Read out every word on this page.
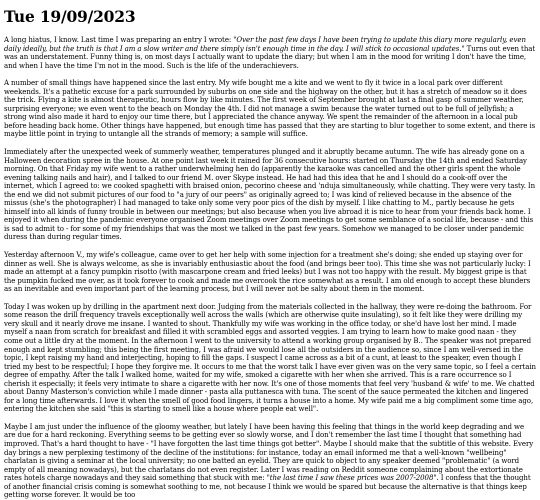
Tue 19/09/2023

A long hiatus, I know. Last time I was preparing an entry I wrote: "Over the past few days I have been trying to update this diary more regularly, even daily ideally, but the truth is that I am a slow writer and there simply isn't enough time in the day. I will stick to occasional updates." Turns out even that was an understatement. Funny thing is, on most days I actually want to update the diary; but when I am in the mood for writing I don't have the time, and when I have the time I'm not in the mood. Such is the life of the underachievers.

A number of small things have happened since the last entry. My wife bought me a kite and we went to fly it twice in a local park over different weekends. It's a pathetic excuse for a park surrounded by suburbs on one side and the highway on the other, but it has a stretch of meadow so it does the trick. Flying a kite is almost therapeutic, hours flow by like minutes. The first week of September brought at last a final gasp of summer weather, surprising everyone; we even went to the beach on Monday the 4th. I did not manage a swim because the water turned out to be full of jellyfish; a strong wind also made it hard to enjoy our time there, but I appreciated the chance anyway. We spent the remainder of the afternoon in a local pub before heading back home. Other things have happened, but enough time has passed that they are starting to blur together to some extent, and there is maybe little point in trying to untangle all the strands of memory; a sample will suffice.

Immediately after the unexpected week of summerly weather, temperatures plunged and it abruptly became autumn. The wife has already gone on a Halloween decoration spree in the house. At one point last week it rained for 36 consecutive hours: started on Thursday the 14th and ended Saturday morning. On that Friday my wife went to a rather underwhelming hen do (apparently the karaoke was cancelled and the other girls spent the whole evening talking nails and hair), and I talked to our friend M. over Skype instead. He had had this idea that he and I should do a cook-off over the internet, which I agreed to: we cooked spaghetti with braised onion, pecorino cheese and 'nduja simultaneously, while chatting. They were very tasty. In the end we did not submit pictures of our food to "a jury of our peers" as originally agreed to; I was kind of relieved because in the absence of the missus (she's the photographer) I had managed to take only some very poor pics of the dish by myself. I like chatting to M., partly because he gets himself into all kinds of funny trouble in between our meetings; but also because when you live abroad it is nice to hear from your friends back home. I enjoyed it when during the pandemic everyone organised Zoom meetings over Zoom meetings to get some semblance of a social life, because - and this is sad to admit to - for some of my friendships that was the most we talked in the past few years. Somehow we managed to be closer under pandemic duress than during regular times.

Yesterday afternoon V., my wife's colleague, came over to get her help with some injection for a treatment she's doing; she ended up staying over for dinner as well. She is always welcome, as she is invariably enthusiastic about the food (and brings beer too). This time she was not particularly lucky: I made an attempt at a fancy pumpkin risotto (with mascarpone cream and fried leeks) but I was not too happy with the result. My biggest gripe is that the pumpkin fucked me over, as it took forever to cook and made me overcook the rice somewhat as a result. I am old enough to accept these blunders as an inevitable and even important part of the learning process, but I will never not be salty about them in the moment.

Today I was woken up by drilling in the apartment next door. Judging from the materials collected in the hallway, they were re-doing the bathroom. For some reason the drill frequency travels exceptionally well across the walls (which are otherwise quite insulating), so it felt like they were drilling my very skull and it nearly drove me insane. I wanted to shout. Thankfully my wife was working in the office today, or she'd have lost her mind. I made myself a naan from scratch for breakfast and filled it with scrambled eggs and assorted veggies. I am trying to learn how to make good naan - they come out a little dry at the moment. In the afternoon I went to the university to attend a working group organised by B.. The speaker was not prepared enough and kept stumbling; this being the first meeting, I was afraid we would lose all the outsiders in the audience so, since I am well-versed in the topic, I kept raising my hand and interjecting, hoping to fill the gaps. I suspect I came across as a bit of a cunt, at least to the speaker, even though I tried my best to be respectful; I hope they forgive me. It occurs to me that the worst talk I have ever given was on the very same topic, so I feel a certain degree of empathy. After the talk I walked home, waited for my wife, smoked a cigarette with her when she arrived. This is a rare occurrence so I cherish it especially; it feels very intimate to share a cigarette with her now. It's one of those moments that feel very 'husband & wife' to me. We chatted about Danny Masterson's conviction while I made dinner - pasta alla puttanesca with tuna. The scent of the sauce permeated the kitchen and lingered for a long time afterwards. I love it when the smell of good food lingers, it turns a house into a home. My wife paid me a big compliment some time ago, entering the kitchen she said "this is starting to smell like a house where people eat well".

Maybe I am just under the influence of the gloomy weather, but lately I have been having this feeling that things in the world keep degrading and we are due for a hard reckoning. Everything seems to be getting ever so slowly worse, and I don't remember the last time I thought that something had improved. That's a hard thought to have - "I have forgotten the last time things got better". Maybe I should make that the subtitle of this website. Every day brings a new perplexing testimony of the decline of the institutions: for instance, today an email informed me that a well-known "wellbeing" charlatan is giving a seminar at the local university; no one batted an eyelid. They are quick to object to any speaker deemed "problematic" (a word empty of all meaning nowadays), but the charlatans do not even register. Later I was reading on Reddit someone complaining about the extortionate rates hotels charge nowadays and they said something that stuck with me: "the last time I saw these prices was 2007-2008". I confess that the thought of another financial crisis coming is somewhat soothing to me, not because I think we would be spared but because the alternative is that things keep getting worse forever. It would be too
